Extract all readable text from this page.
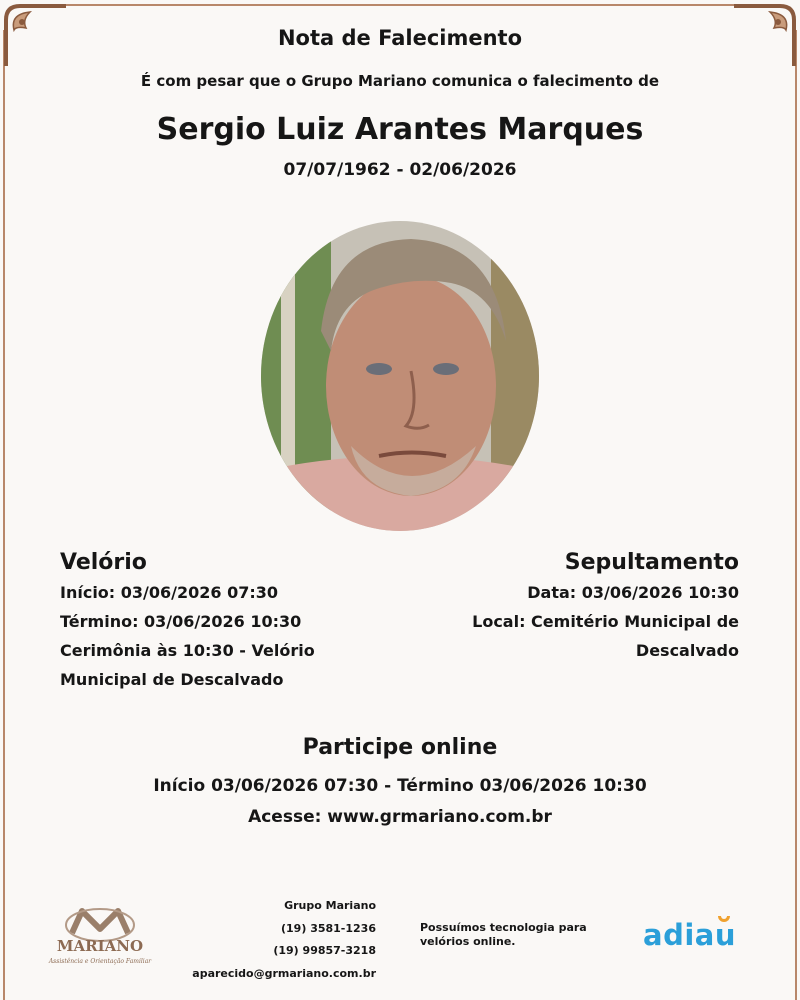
Nota de Falecimento
É com pesar que o Grupo Mariano comunica o falecimento de
Sergio Luiz Arantes Marques
07/07/1962 - 02/06/2026
Velório
Início: 03/06/2026 07:30
Término: 03/06/2026 10:30
Cerimônia às 10:30 - Velório
Municipal de Descalvado
Sepultamento
Data: 03/06/2026 10:30
Local: Cemitério Municipal de
Descalvado
Participe online
Início 03/06/2026 07:30 - Término 03/06/2026 10:30
Acesse: www.grmariano.com.br
MARIANO
Assistência e Orientação Familiar
Grupo Mariano
(19) 3581-1236
(19) 99857-3218
aparecido@grmariano.com.br
Possuímos tecnologia para
velórios online.	adia
u
